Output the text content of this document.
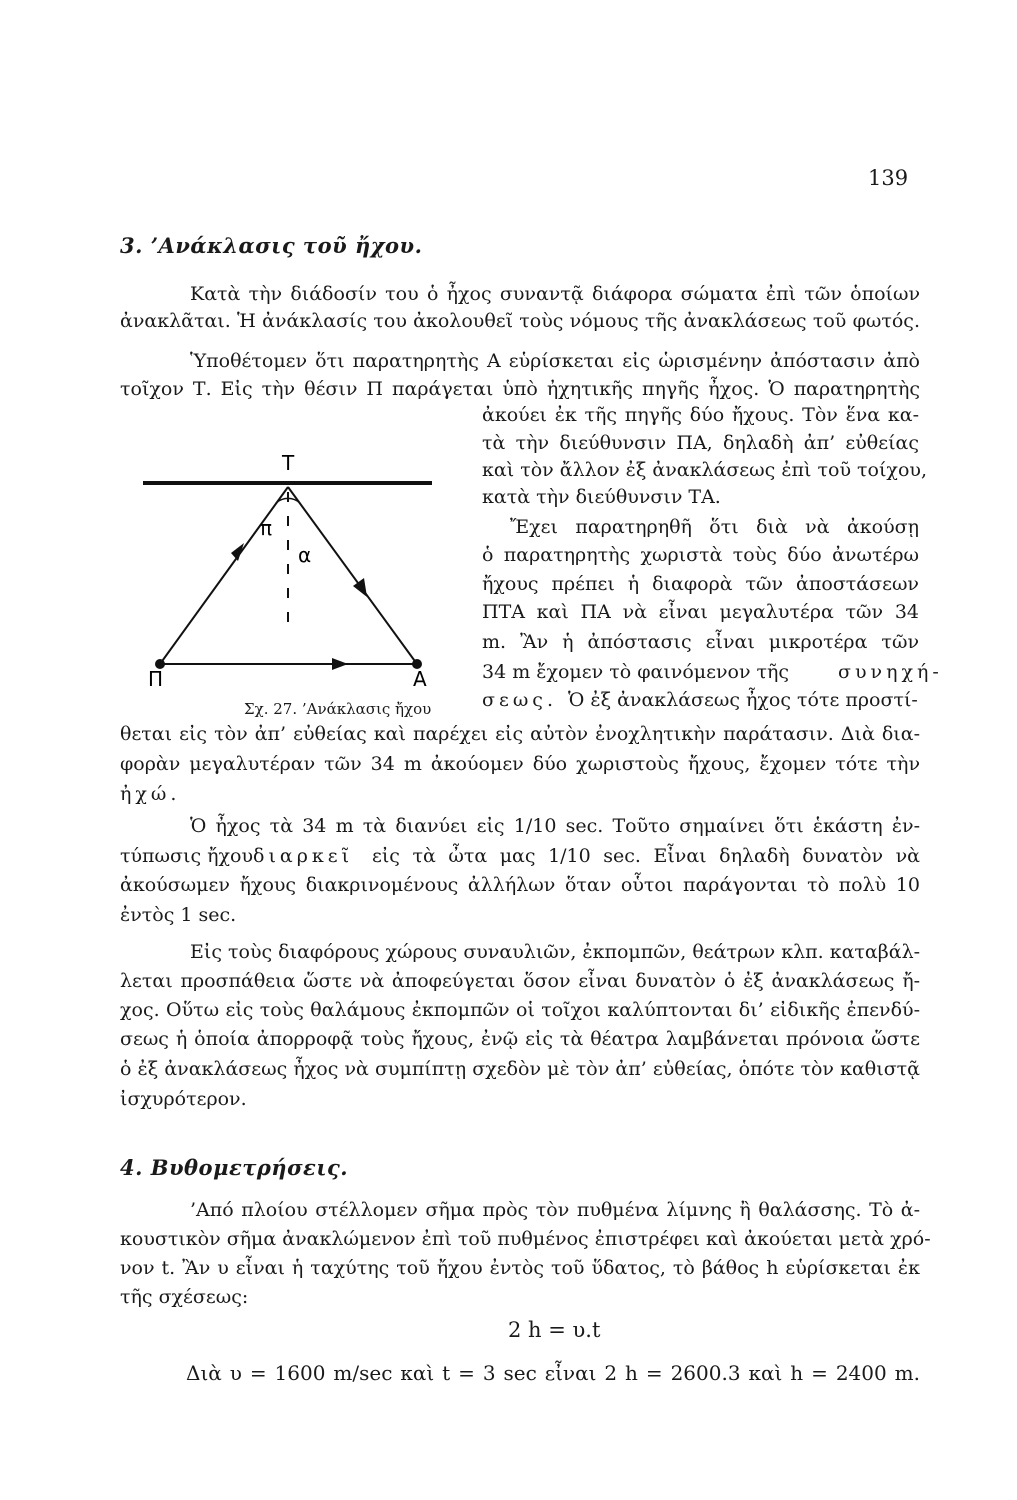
139
3. ’Ανάκλασις τοῦ ἤχου.
Κατὰ τὴν διάδοσίν του ὁ ἦχος συναντᾷ διάφορα σώματα ἐπὶ τῶν ὁποίων
ἀνακλᾶται. Ἡ ἀνάκλασίς του ἀκολουθεῖ τοὺς νόμους τῆς ἀνακλάσεως τοῦ φωτός.
Ὑποθέτομεν ὅτι παρατηρητὴς Α εὑρίσκεται εἰς ὡρισμένην ἀπόστασιν ἀπὸ
τοῖχον Τ. Εἰς τὴν θέσιν Π παράγεται ὑπὸ ἠχητικῆς πηγῆς ἦχος. Ὁ παρατηρητὴς
ἀκούει ἐκ τῆς πηγῆς δύο ἤχους. Τὸν ἕνα κα-
τὰ τὴν διεύθυνσιν ΠΑ, δηλαδὴ ἀπ’ εὐθείας
καὶ τὸν ἄλλον ἐξ ἀνακλάσεως ἐπὶ τοῦ τοίχου,
κατὰ τὴν διεύθυνσιν ΤΑ.
Ἔχει παρατηρηθῆ ὅτι διὰ νὰ ἀκούσῃ
ὁ παρατηρητὴς χωριστὰ τοὺς δύο ἀνωτέρω
ἤχους πρέπει ἡ διαφορὰ τῶν ἀποστάσεων
ΠΤΑ καὶ ΠΑ νὰ εἶναι μεγαλυτέρα τῶν 34
m. Ἂν ἡ ἀπόστασις εἶναι μικροτέρα τῶν
34 m ἔχομεν τὸ φαινόμενον τῆς	συνηχή-
σεως. Ὁ ἐξ ἀνακλάσεως ἦχος τότε προστί-
Τ
π
α
Π	Α
Σχ. 27. ’Ανάκλασις ἤχου
θεται εἰς τὸν ἀπ’ εὐθείας καὶ παρέχει εἰς αὐτὸν ἐνοχλητικὴν παράτασιν. Διὰ δια-
φορὰν μεγαλυτέραν τῶν 34 m ἀκούομεν δύο χωριστοὺς ἤχους, ἔχομεν τότε τὴν
ἠχώ.
Ὁ ἦχος τὰ 34 m τὰ διανύει εἰς 1/10 sec. Τοῦτο σημαίνει ὅτι ἑκάστη ἐν-
τύπωσις ἤχου διαρκεῖ εἰς τὰ ὦτα μας 1/10 sec. Εἶναι δηλαδὴ δυνατὸν νὰ
ἀκούσωμεν ἤχους διακρινομένους ἀλλήλων ὅταν οὗτοι παράγονται τὸ πολὺ 10
ἐντὸς 1 sec.
Εἰς τοὺς διαφόρους χώρους συναυλιῶν, ἐκπομπῶν, θεάτρων κλπ. καταβάλ-
λεται προσπάθεια ὥστε νὰ ἀποφεύγεται ὅσον εἶναι δυνατὸν ὁ ἐξ ἀνακλάσεως ἤ-
χος. Οὕτω εἰς τοὺς θαλάμους ἐκπομπῶν οἱ τοῖχοι καλύπτονται δι’ εἰδικῆς ἐπενδύ-
σεως ἡ ὁποία ἀπορροφᾷ τοὺς ἤχους, ἐνῷ εἰς τὰ θέατρα λαμβάνεται πρόνοια ὥστε
ὁ ἐξ ἀνακλάσεως ἦχος νὰ συμπίπτῃ σχεδὸν μὲ τὸν ἀπ’ εὐθείας, ὁπότε τὸν καθιστᾷ
ἰσχυρότερον.
4. Βυθομετρήσεις.
’Από πλοίου στέλλομεν σῆμα πρὸς τὸν πυθμένα λίμνης ἢ θαλάσσης. Τὸ ἀ-
κουστικὸν σῆμα ἀνακλώμενον ἐπὶ τοῦ πυθμένος ἐπιστρέφει καὶ ἀκούεται μετὰ χρό-
νον t. Ἂν υ εἶναι ἡ ταχύτης τοῦ ἤχου ἐντὸς τοῦ ὕδατος, τὸ βάθος h εὑρίσκεται ἐκ
τῆς σχέσεως:
2 h = υ.t
Διὰ υ = 1600 m/sec καὶ t = 3 sec εἶναι 2 h = 2600.3 καὶ h = 2400 m.
